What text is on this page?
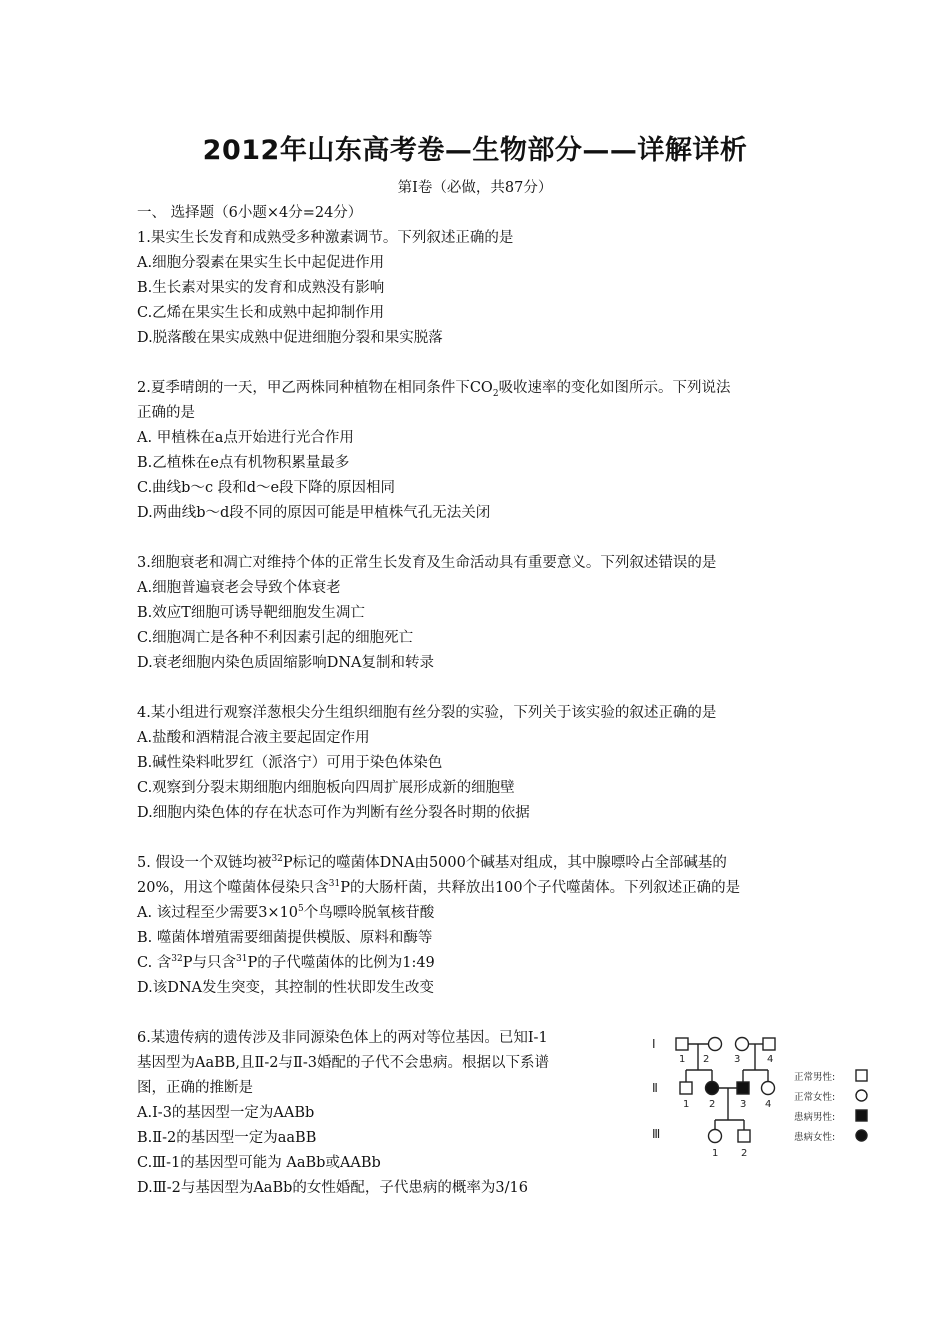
2012年山东高考卷—生物部分——详解详析
第Ⅰ卷（必做，共87分）
一、 选择题（6小题×4分=24分）
1.果实生长发育和成熟受多种激素调节。下列叙述正确的是
A.细胞分裂素在果实生长中起促进作用
B.生长素对果实的发育和成熟没有影响
C.乙烯在果实生长和成熟中起抑制作用
D.脱落酸在果实成熟中促进细胞分裂和果实脱落
2.夏季晴朗的一天，甲乙两株同种植物在相同条件下$CO_2$吸收速率的变化如图所示。下列说法
正确的是
A. 甲植株在a点开始进行光合作用
B.乙植株在e点有机物积累量最多
C.曲线b～c 段和d～e段下降的原因相同
D.两曲线b～d段不同的原因可能是甲植株气孔无法关闭
3.细胞衰老和凋亡对维持个体的正常生长发育及生命活动具有重要意义。下列叙述错误的是
A.细胞普遍衰老会导致个体衰老
B.效应T细胞可诱导靶细胞发生凋亡
C.细胞凋亡是各种不利因素引起的细胞死亡
D.衰老细胞内染色质固缩影响DNA复制和转录
4.某小组进行观察洋葱根尖分生组织细胞有丝分裂的实验，下列关于该实验的叙述正确的是
A.盐酸和酒精混合液主要起固定作用
B.碱性染料吡罗红（派洛宁）可用于染色体染色
C.观察到分裂末期细胞内细胞板向四周扩展形成新的细胞壁
D.细胞内染色体的存在状态可作为判断有丝分裂各时期的依据
5. 假设一个双链均被$^{32}$P标记的噬菌体DNA由5000个碱基对组成，其中腺嘌呤占全部碱基的
20%，用这个噬菌体侵染只含$^{31}$P的大肠杆菌，共释放出100个子代噬菌体。下列叙述正确的是
A. 该过程至少需要$3\times 10^5$个鸟嘌呤脱氧核苷酸
B. 噬菌体增殖需要细菌提供模版、原料和酶等
C. 含$^{32}$P与只含$^{31}$P的子代噬菌体的比例为1:49
D.该DNA发生突变，其控制的性状即发生改变
6.某遗传病的遗传涉及非同源染色体上的两对等位基因。已知Ⅰ-1
基因型为AaBB,且Ⅱ-2与Ⅱ-3婚配的子代不会患病。根据以下系谱
图，正确的推断是
A.Ⅰ-3的基因型一定为AABb
B.Ⅱ-2的基因型一定为aaBB
C.Ⅲ-1的基因型可能为 AaBb或AABb
D.Ⅲ-2与基因型为AaBb的女性婚配，子代患病的概率为3/16
Ⅰ
Ⅱ
Ⅲ
1 2 3	4
1 2 3 4
1 2
正常男性:
正常女性:
患病男性:
患病女性:
